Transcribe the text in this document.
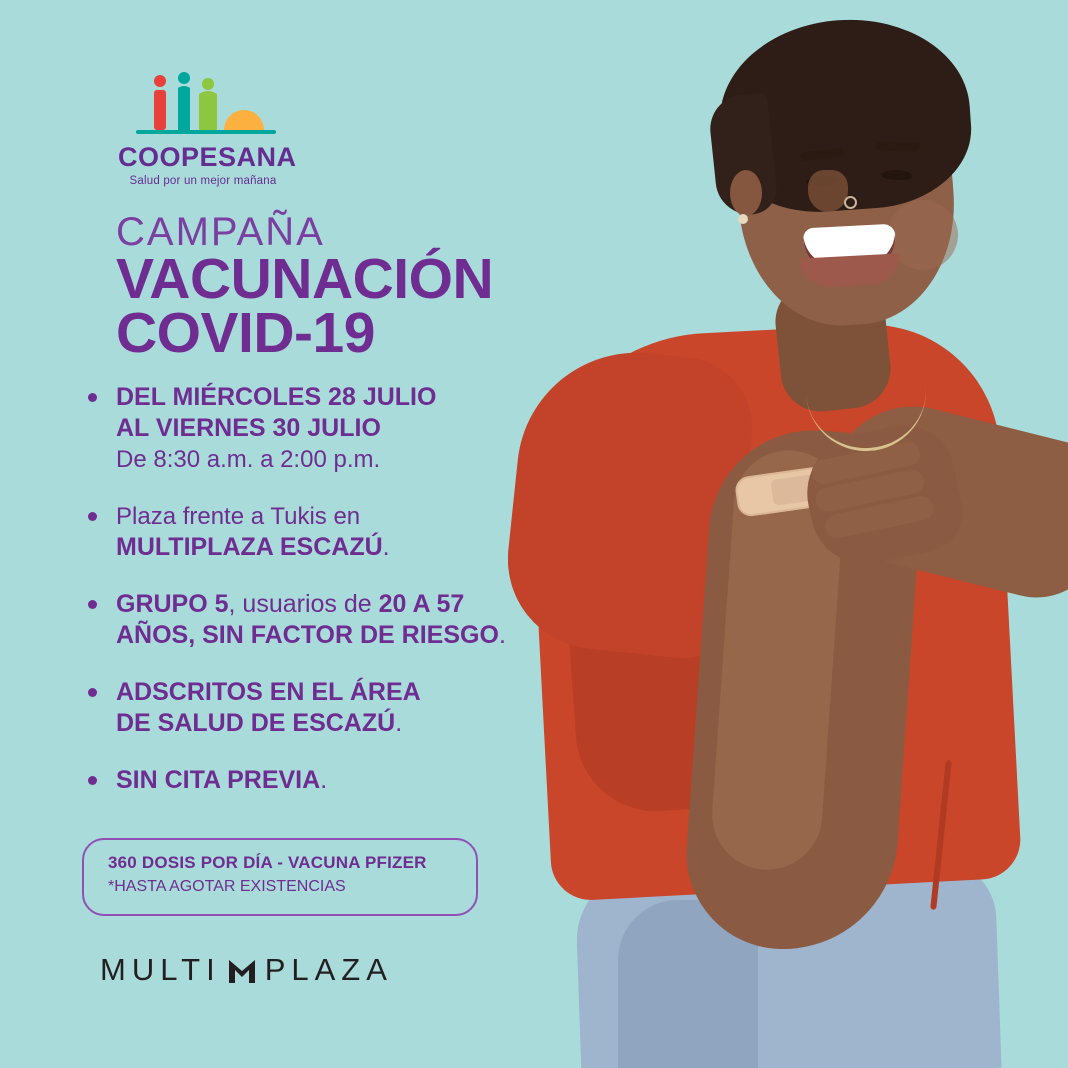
COOPESANA
Salud por un mejor mañana
CAMPAÑA
VACUNACIÓN
COVID-19
DEL MIÉRCOLES 28 JULIO
AL VIERNES 30 JULIO
De 8:30 a.m. a 2:00 p.m.
Plaza frente a Tukis en
MULTIPLAZA ESCAZÚ.
GRUPO 5, usuarios de 20 A 57
AÑOS, SIN FACTOR DE RIESGO.
ADSCRITOS EN EL ÁREA
DE SALUD DE ESCAZÚ.
SIN CITA PREVIA.
360 DOSIS POR DÍA - VACUNA PFIZER
*HASTA AGOTAR EXISTENCIAS
MULTI PLAZA
